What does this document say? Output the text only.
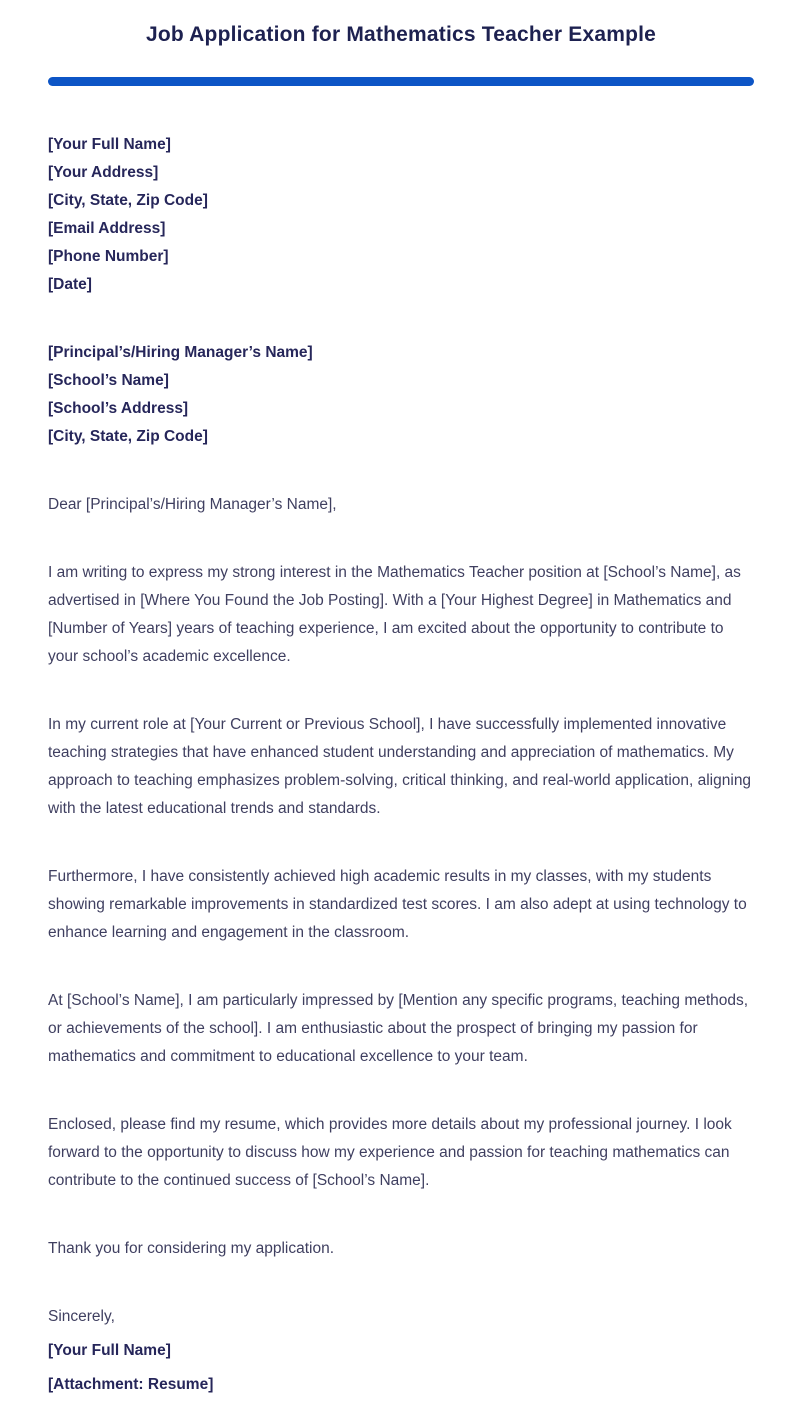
Job Application for Mathematics Teacher Example

[Your Full Name]

[Your Address]

[City, State, Zip Code]

[Email Address]

[Phone Number]

[Date]

[Principal’s/Hiring Manager’s Name]

[School’s Name]

[School’s Address]

[City, State, Zip Code]

Dear [Principal’s/Hiring Manager’s Name],

I am writing to express my strong interest in the Mathematics Teacher position at [School’s Name], as advertised in [Where You Found the Job Posting]. With a [Your Highest Degree] in Mathematics and [Number of Years] years of teaching experience, I am excited about the opportunity to contribute to your school’s academic excellence.

In my current role at [Your Current or Previous School], I have successfully implemented innovative teaching strategies that have enhanced student understanding and appreciation of mathematics. My approach to teaching emphasizes problem-solving, critical thinking, and real-world application, aligning with the latest educational trends and standards.

Furthermore, I have consistently achieved high academic results in my classes, with my students showing remarkable improvements in standardized test scores. I am also adept at using technology to enhance learning and engagement in the classroom.

At [School’s Name], I am particularly impressed by [Mention any specific programs, teaching methods, or achievements of the school]. I am enthusiastic about the prospect of bringing my passion for mathematics and commitment to educational excellence to your team.

Enclosed, please find my resume, which provides more details about my professional journey. I look forward to the opportunity to discuss how my experience and passion for teaching mathematics can contribute to the continued success of [School’s Name].

Thank you for considering my application.

Sincerely,

[Your Full Name]

[Attachment: Resume]
